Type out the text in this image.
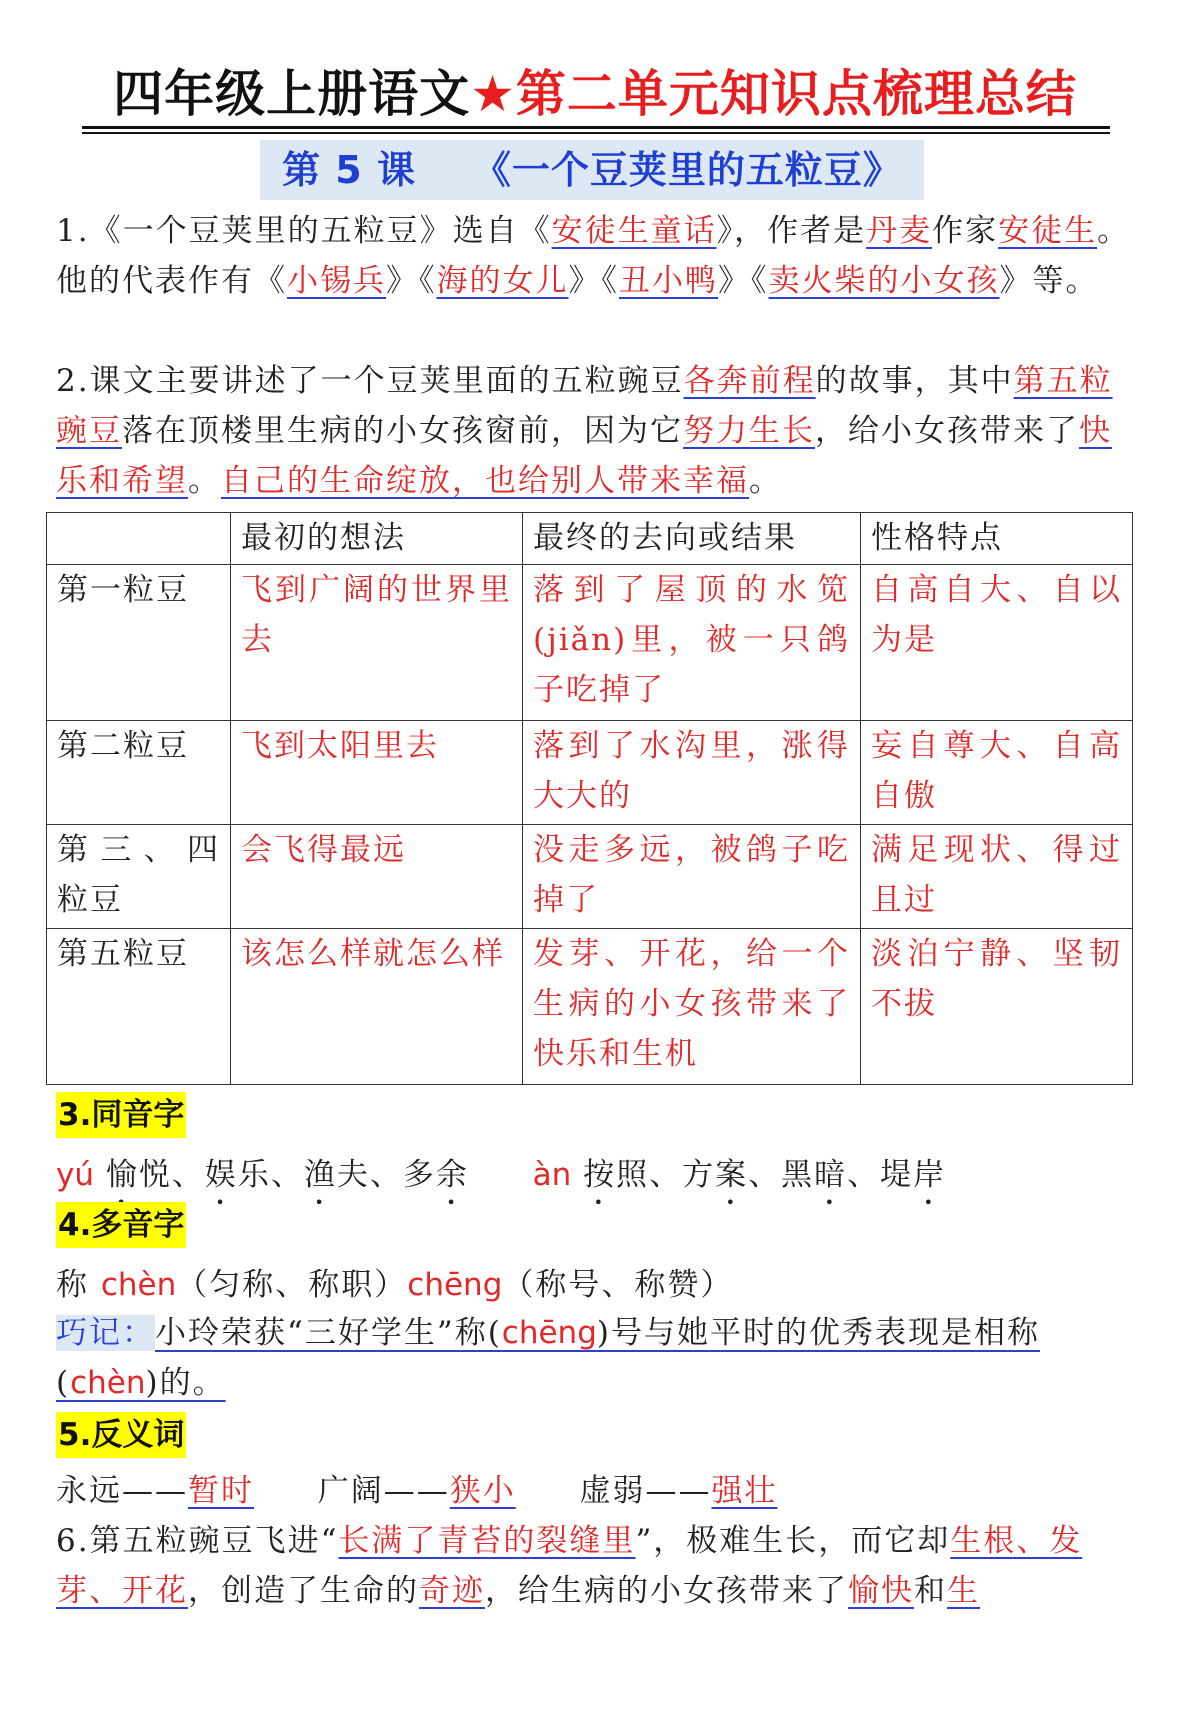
四年级上册语文★第二单元知识点梳理总结
第 5 课 《一个豆荚里的五粒豆》
1.《一个豆荚里的五粒豆》选自《安徒生童话》，作者是丹麦作家安徒生。他的代表作有《小锡兵》《海的女儿》《丑小鸭》《卖火柴的小女孩》等。
2.课文主要讲述了一个豆荚里面的五粒豌豆各奔前程的故事，其中第五粒豌豆落在顶楼里生病的小女孩窗前，因为它努力生长，给小女孩带来了快乐和希望。自己的生命绽放，也给别人带来幸福。
	最初的想法	最终的去向或结果	性格特点
第一粒豆	飞到广阔的世界里去	落到了屋顶的水笕(jiǎn)里，被一只鸽子吃掉了	自高自大、自以为是
第二粒豆	飞到太阳里去	落到了水沟里，涨得大大的	妄自尊大、自高自傲
第三、四粒豆	会飞得最远	没走多远，被鸽子吃掉了	满足现状、得过且过
第五粒豆	该怎么样就怎么样	发芽、开花，给一个生病的小女孩带来了快乐和生机	淡泊宁静、坚韧不拔
3.同音字
yú 愉悦、娱乐、渔夫、多余 àn 按照、方案、黑暗、堤岸
4.多音字
称 chèn（匀称、称职）chēng（称号、称赞）
巧记：小玲荣获“三好学生”称(chēng)号与她平时的优秀表现是相称(chèn)的。
5.反义词
永远——暂时 广阔——狭小 虚弱——强壮
6.第五粒豌豆飞进“长满了青苔的裂缝里”，极难生长，而它却生根、发芽、开花，创造了生命的奇迹，给生病的小女孩带来了愉快和生
